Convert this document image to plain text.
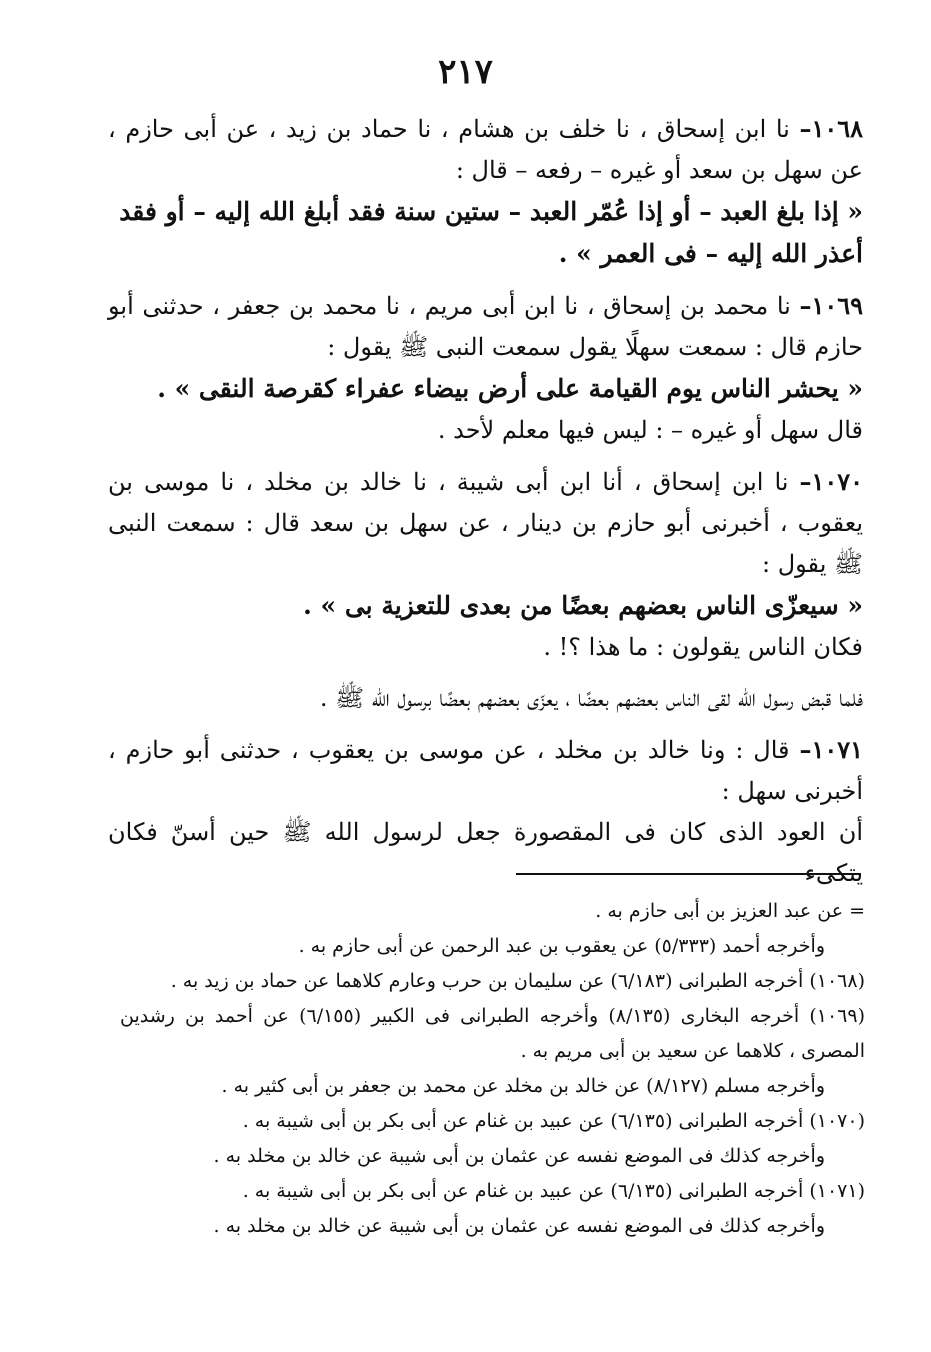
٢١٧

١٠٦٨– نا ابن إسحاق ، نا خلف بن هشام ، نا حماد بن زيد ، عن أبى حازم ، عن سهل بن سعد أو غيره – رفعه – قال :

« إذا بلغ العبد – أو إذا عُمّر العبد – ستين سنة فقد أبلغ الله إليه – أو فقد أعذر الله إليه – فى العمر » .

١٠٦٩– نا محمد بن إسحاق ، نا ابن أبى مريم ، نا محمد بن جعفر ، حدثنى أبو حازم قال : سمعت سهلًا يقول سمعت النبى ﷺ يقول :

« يحشر الناس يوم القيامة على أرض بيضاء عفراء كقرصة النقى » .

قال سهل أو غيره – : ليس فيها معلم لأحد .

١٠٧٠– نا ابن إسحاق ، أنا ابن أبى شيبة ، نا خالد بن مخلد ، نا موسى بن يعقوب ، أخبرنى أبو حازم بن دينار ، عن سهل بن سعد قال : سمعت النبى ﷺ يقول :

« سيعزّى الناس بعضهم بعضًا من بعدى للتعزية بى » .

فكان الناس يقولون : ما هذا ؟! .

فلما قبض رسول الله لقى الناس بعضهم بعضًا ، يعزّى بعضهم بعضًا برسول الله ﷺ .

١٠٧١– قال : ونا خالد بن مخلد ، عن موسى بن يعقوب ، حدثنى أبو حازم ، أخبرنى سهل :

أن العود الذى كان فى المقصورة جعل لرسول الله ﷺ حين أسنّ فكان يتكىء

= عن عبد العزيز بن أبى حازم به .

وأخرجه أحمد (٥/٣٣٣) عن يعقوب بن عبد الرحمن عن أبى حازم به .

(١٠٦٨) أخرجه الطبرانى (٦/١٨٣) عن سليمان بن حرب وعارم كلاهما عن حماد بن زيد به .

(١٠٦٩) أخرجه البخارى (٨/١٣٥) وأخرجه الطبرانى فى الكبير (٦/١٥٥) عن أحمد بن رشدين المصرى ، كلاهما عن سعيد بن أبى مريم به .

وأخرجه مسلم (٨/١٢٧) عن خالد بن مخلد عن محمد بن جعفر بن أبى كثير به .

(١٠٧٠) أخرجه الطبرانى (٦/١٣٥) عن عبيد بن غنام عن أبى بكر بن أبى شيبة به .

وأخرجه كذلك فى الموضع نفسه عن عثمان بن أبى شيبة عن خالد بن مخلد به .

(١٠٧١) أخرجه الطبرانى (٦/١٣٥) عن عبيد بن غنام عن أبى بكر بن أبى شيبة به .

وأخرجه كذلك فى الموضع نفسه عن عثمان بن أبى شيبة عن خالد بن مخلد به .
